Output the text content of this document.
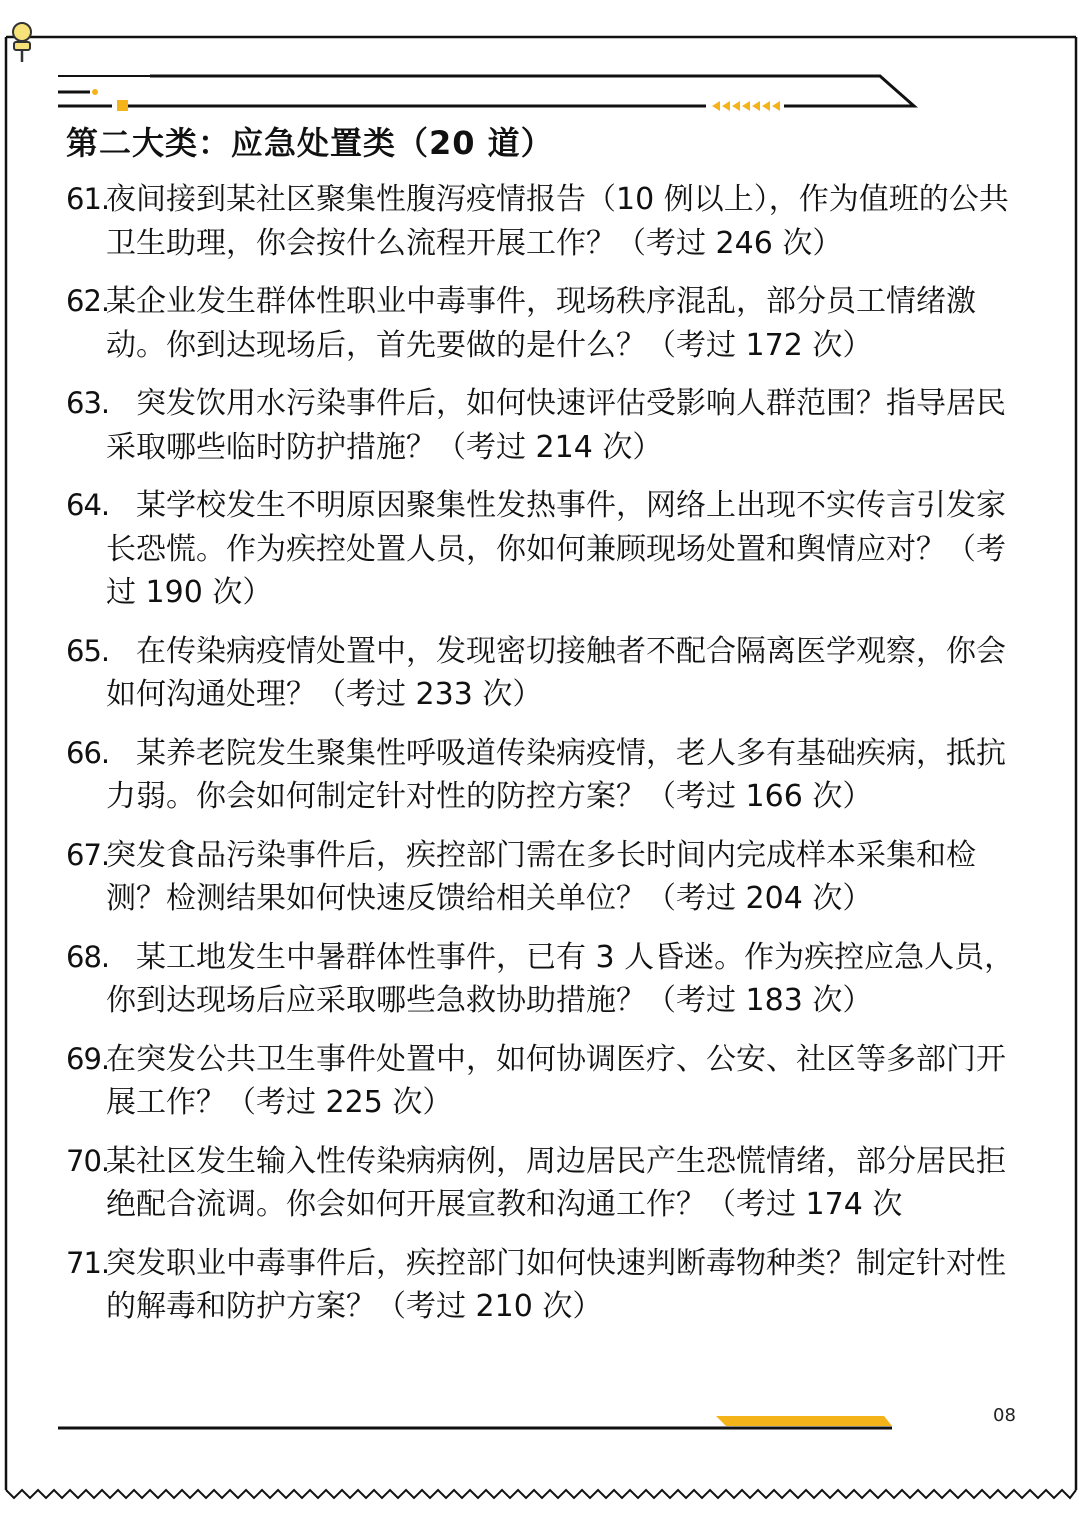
第二大类：应急处置类（20 道）
61.
夜间接到某社区聚集性腹泻疫情报告（10 例以上），作为值班的公共卫生助理，你会按什么流程开展工作？（考过 246 次）
62.
某企业发生群体性职业中毒事件，现场秩序混乱，部分员工情绪激动。你到达现场后，首先要做的是什么？（考过 172 次）
63.
　突发饮用水污染事件后，如何快速评估受影响人群范围？指导居民采取哪些临时防护措施？（考过 214 次）
64.
　某学校发生不明原因聚集性发热事件，网络上出现不实传言引发家长恐慌。作为疾控处置人员，你如何兼顾现场处置和舆情应对？（考过 190 次）
65.
　在传染病疫情处置中，发现密切接触者不配合隔离医学观察，你会如何沟通处理？（考过 233 次）
66.
　某养老院发生聚集性呼吸道传染病疫情，老人多有基础疾病，抵抗力弱。你会如何制定针对性的防控方案？（考过 166 次）
67.
突发食品污染事件后，疾控部门需在多长时间内完成样本采集和检测？检测结果如何快速反馈给相关单位？（考过 204 次）
68.
　某工地发生中暑群体性事件，已有 3 人昏迷。作为疾控应急人员，你到达现场后应采取哪些急救协助措施？（考过 183 次）
69.
在突发公共卫生事件处置中，如何协调医疗、公安、社区等多部门开展工作？（考过 225 次）
70.
某社区发生输入性传染病病例，周边居民产生恐慌情绪，部分居民拒绝配合流调。你会如何开展宣教和沟通工作？（考过 174 次
71.
突发职业中毒事件后，疾控部门如何快速判断毒物种类？制定针对性的解毒和防护方案？（考过 210 次）
08
